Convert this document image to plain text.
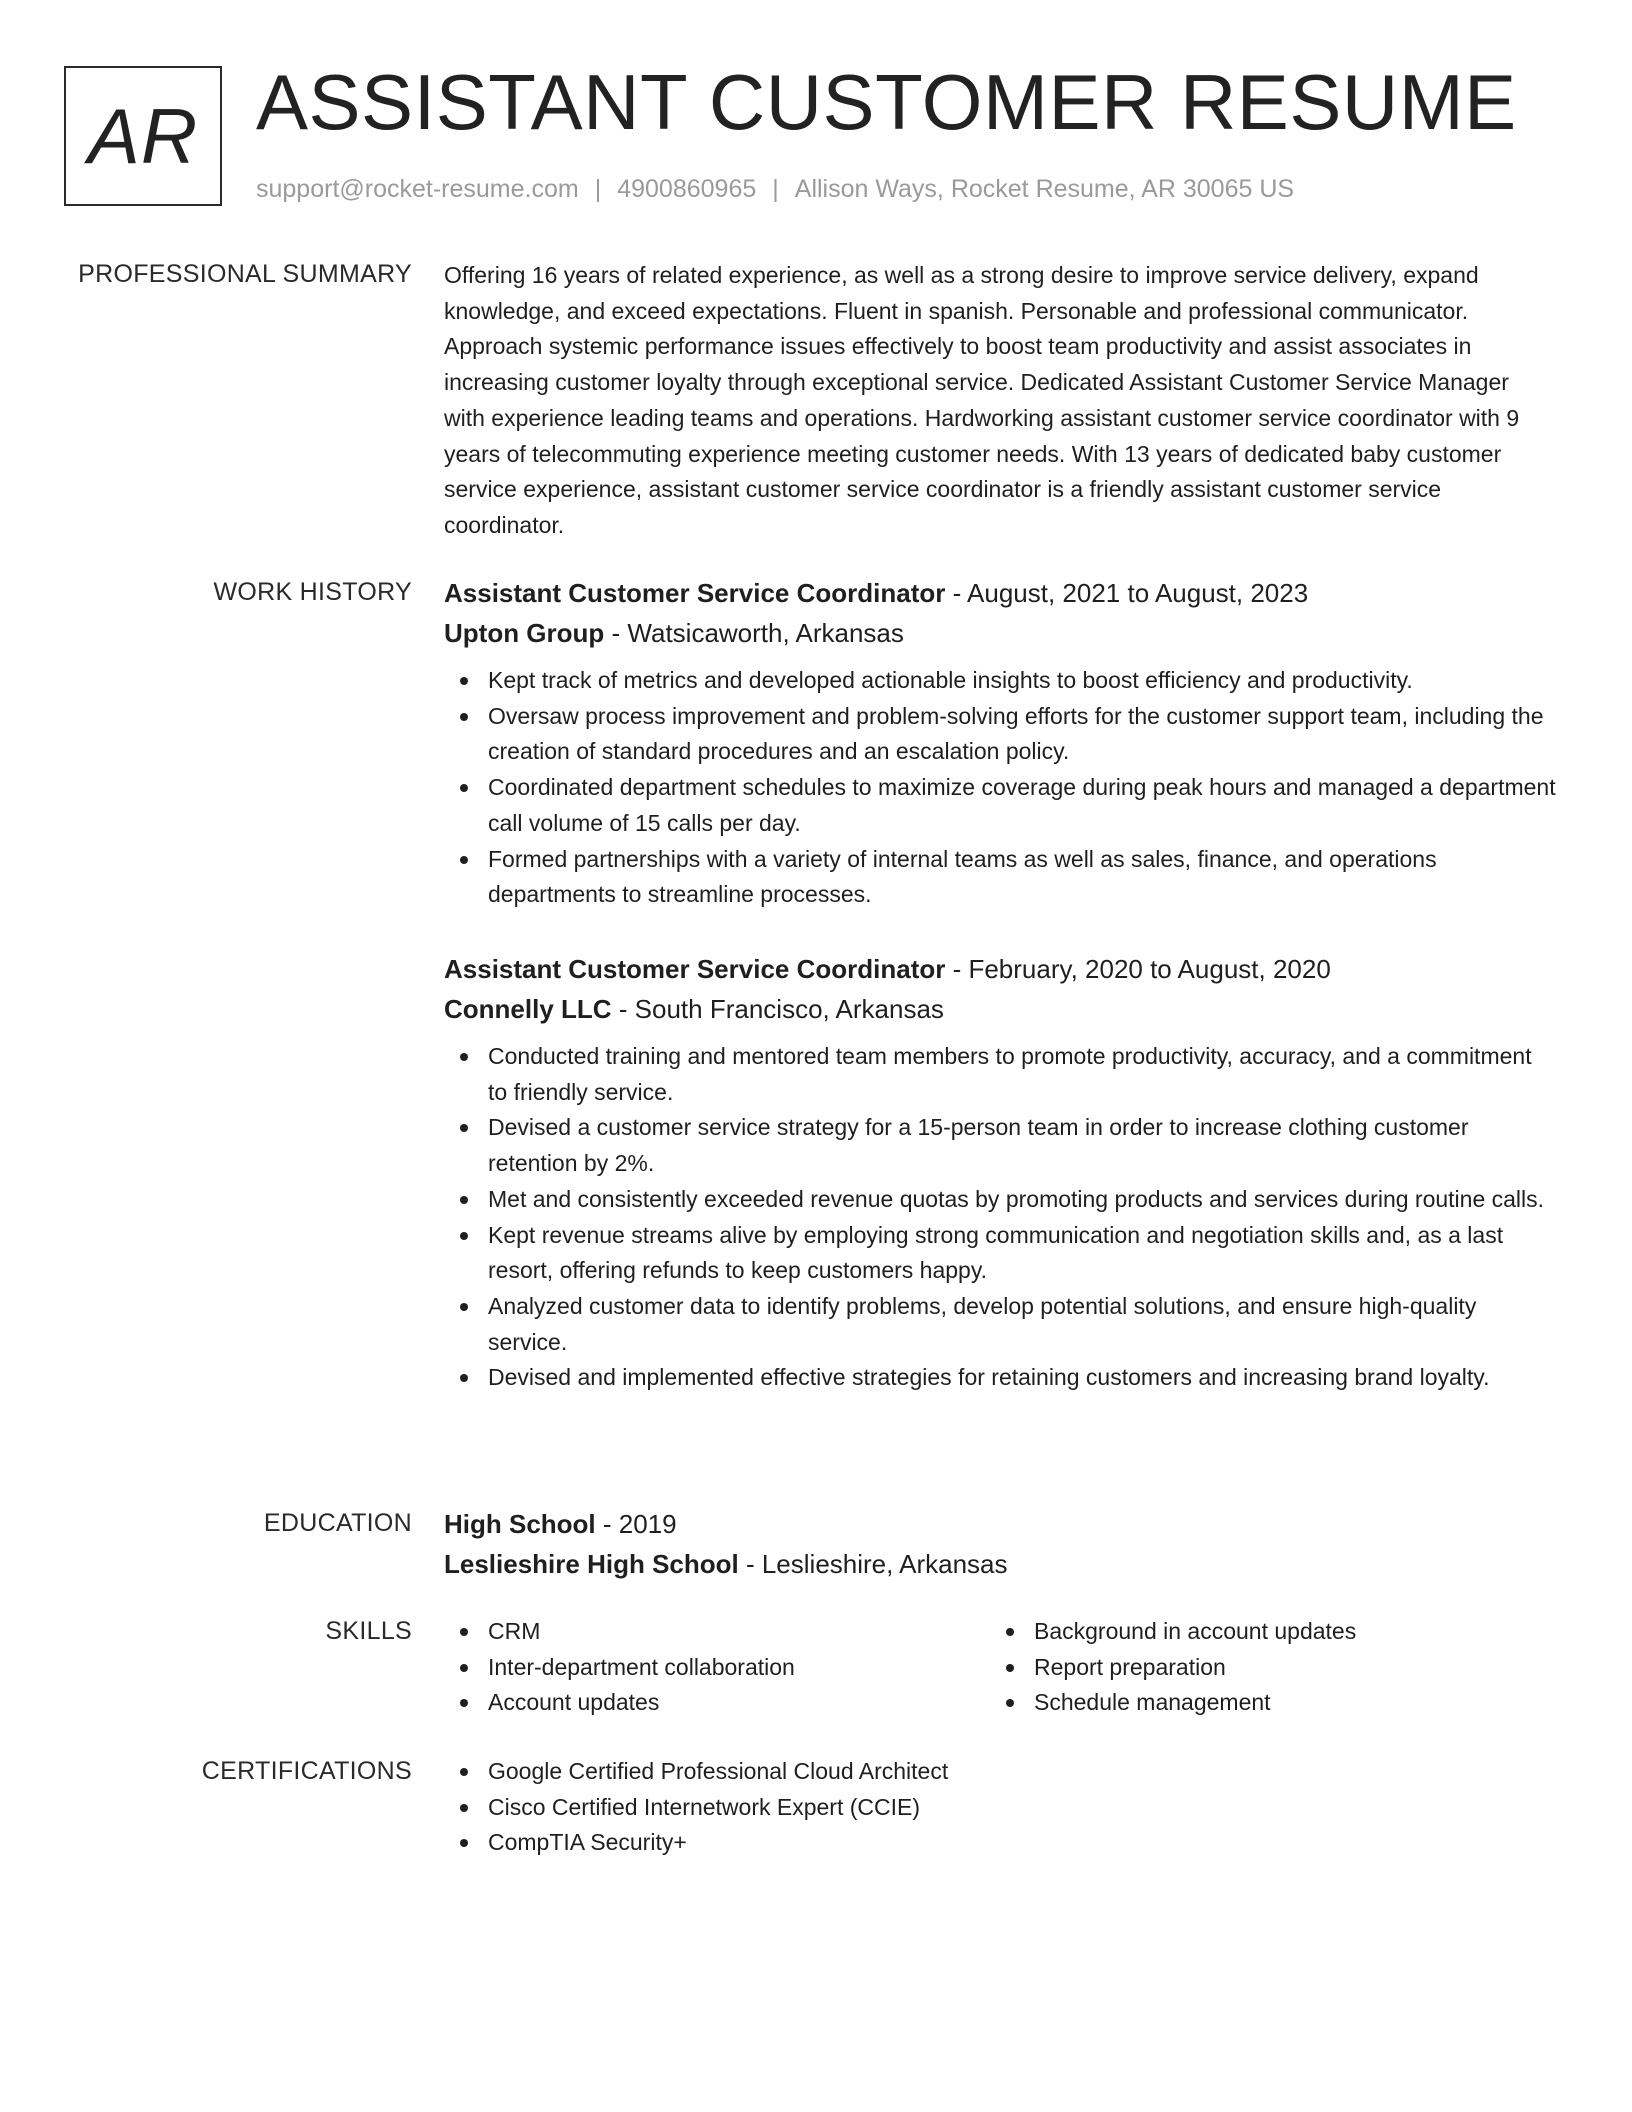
AR ASSISTANT CUSTOMER RESUME
support@rocket-resume.com | 4900860965 | Allison Ways, Rocket Resume, AR 30065 US
PROFESSIONAL SUMMARY Offering 16 years of related experience, as well as a strong desire to improve service delivery, expand knowledge, and exceed expectations. Fluent in spanish. Personable and professional communicator. Approach systemic performance issues effectively to boost team productivity and assist associates in increasing customer loyalty through exceptional service. Dedicated Assistant Customer Service Manager with experience leading teams and operations. Hardworking assistant customer service coordinator with 9 years of telecommuting experience meeting customer needs. With 13 years of dedicated baby customer service experience, assistant customer service coordinator is a friendly assistant customer service coordinator.

WORK HISTORY Assistant Customer Service Coordinator - August, 2021 to August, 2023
Upton Group - Watsicaworth, Arkansas
Kept track of metrics and developed actionable insights to boost efficiency and productivity.
Oversaw process improvement and problem-solving efforts for the customer support team, including the creation of standard procedures and an escalation policy.
Coordinated department schedules to maximize coverage during peak hours and managed a department call volume of 15 calls per day.
Formed partnerships with a variety of internal teams as well as sales, finance, and operations departments to streamline processes.
Assistant Customer Service Coordinator - February, 2020 to August, 2020
Connelly LLC - South Francisco, Arkansas
Conducted training and mentored team members to promote productivity, accuracy, and a commitment to friendly service.
Devised a customer service strategy for a 15-person team in order to increase clothing customer retention by 2%.
Met and consistently exceeded revenue quotas by promoting products and services during routine calls.
Kept revenue streams alive by employing strong communication and negotiation skills and, as a last resort, offering refunds to keep customers happy.
Analyzed customer data to identify problems, develop potential solutions, and ensure high-quality service.
Devised and implemented effective strategies for retaining customers and increasing brand loyalty.
EDUCATION High School - 2019
Leslieshire High School - Leslieshire, Arkansas
SKILLS	CRM
Inter-department collaboration
Account updates
Background in account updates
Report preparation
Schedule management
CERTIFICATIONS	Google Certified Professional Cloud Architect
Cisco Certified Internetwork Expert (CCIE)
CompTIA Security+
